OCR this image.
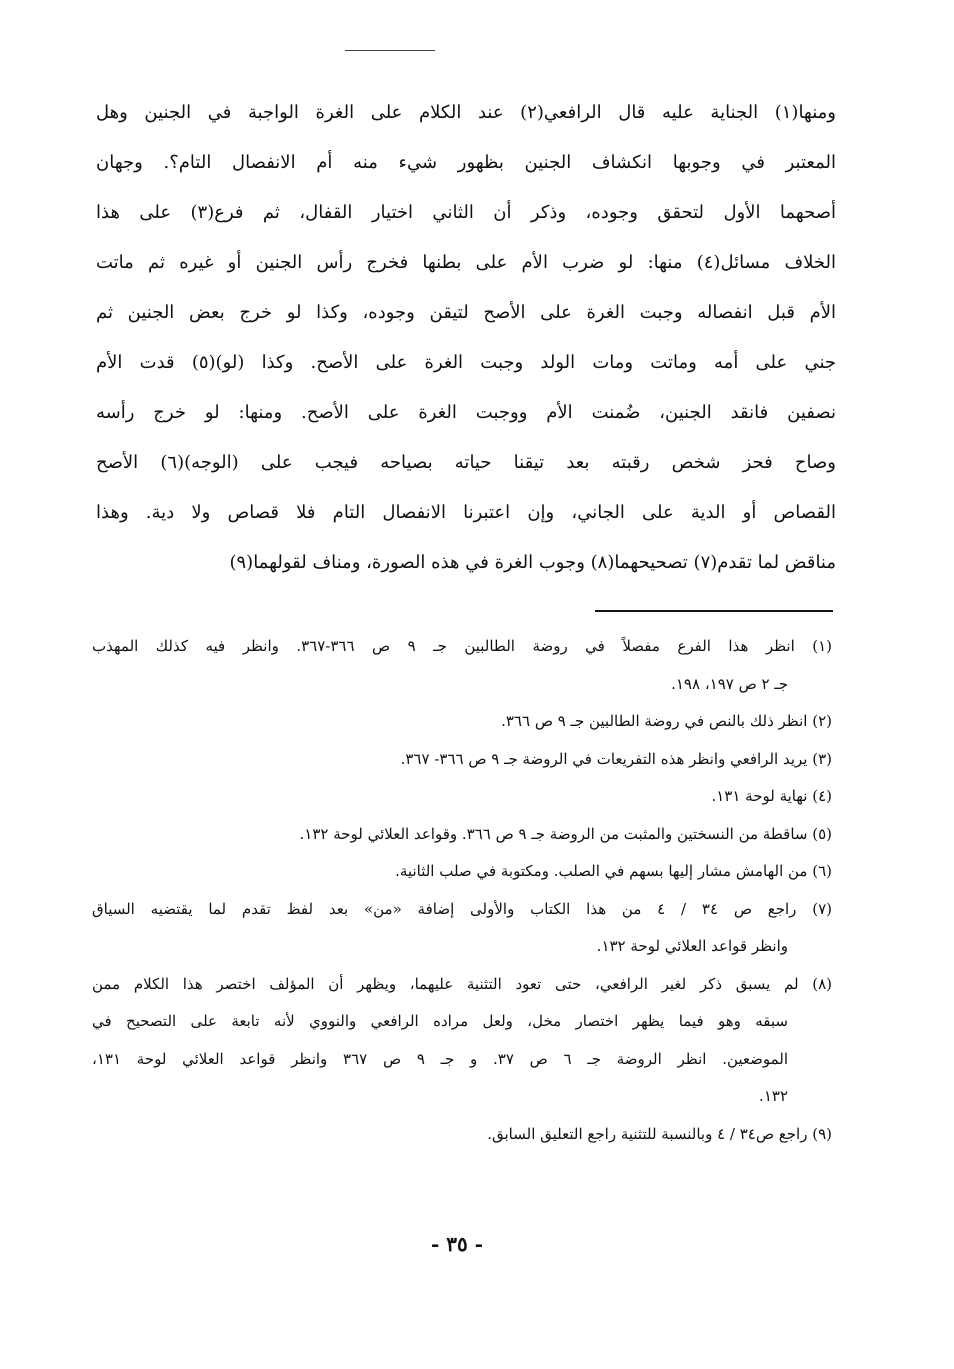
ومنها(١) الجناية عليه قال الرافعي(٢) عند الكلام على الغرة الواجبة في الجنين وهل
المعتبر في وجوبها انكشاف الجنين بظهور شيء منه أم الانفصال التام؟. وجهان
أصحهما الأول لتحقق وجوده، وذكر أن الثاني اختيار القفال، ثم فرع(٣) على هذا
الخلاف مسائل(٤) منها: لو ضرب الأم على بطنها فخرج رأس الجنين أو غيره ثم ماتت
الأم قبل انفصاله وجبت الغرة على الأصح لتيقن وجوده، وكذا لو خرج بعض الجنين ثم
جني على أمه وماتت ومات الولد وجبت الغرة على الأصح. وكذا (لو)(٥) قدت الأم
نصفين فانقد الجنين، ضُمنت الأم ووجبت الغرة على الأصح. ومنها: لو خرج رأسه
وصاح فحز شخص رقبته بعد تيقنا حياته بصياحه فيجب على (الوجه)(٦) الأصح
القصاص أو الدية على الجاني، وإن اعتبرنا الانفصال التام فلا قصاص ولا دية. وهذا
مناقض لما تقدم(٧) تصحيحهما(٨) وجوب الغرة في هذه الصورة، ومناف لقولهما(٩)
(١) انظر هذا الفرع مفصلاً في روضة الطالبين جـ ٩ ص ٣٦٦-٣٦٧. وانظر فيه كذلك المهذب
جـ ٢ ص ١٩٧، ١٩٨.
(٢) انظر ذلك بالنص في روضة الطالبين جـ ٩ ص ٣٦٦.
(٣) يريد الرافعي وانظر هذه التفريعات في الروضة جـ ٩ ص ٣٦٦- ٣٦٧.
(٤) نهاية لوحة ١٣١.
(٥) ساقطة من النسختين والمثبت من الروضة جـ ٩ ص ٣٦٦. وقواعد العلائي لوحة ١٣٢.
(٦) من الهامش مشار إليها بسهم في الصلب. ومكتوبة في صلب الثانية.
(٧) راجع ص ٣٤ / ٤ من هذا الكتاب والأولى إضافة «من» بعد لفظ تقدم لما يقتضيه السياق
وانظر قواعد العلائي لوحة ١٣٢.
(٨) لم يسبق ذكر لغير الرافعي، حتى تعود التثنية عليهما، ويظهر أن المؤلف اختصر هذا الكلام ممن
سبقه وهو فيما يظهر اختصار مخل، ولعل مراده الرافعي والنووي لأنه تابعة على التصحيح في
الموضعين. انظر الروضة جـ ٦ ص ٣٧. و جـ ٩ ص ٣٦٧ وانظر قواعد العلائي لوحة ١٣١،
١٣٢.
(٩) راجع ص٣٤ / ٤ وبالنسبة للتثنية راجع التعليق السابق.
- ٣٥ -
